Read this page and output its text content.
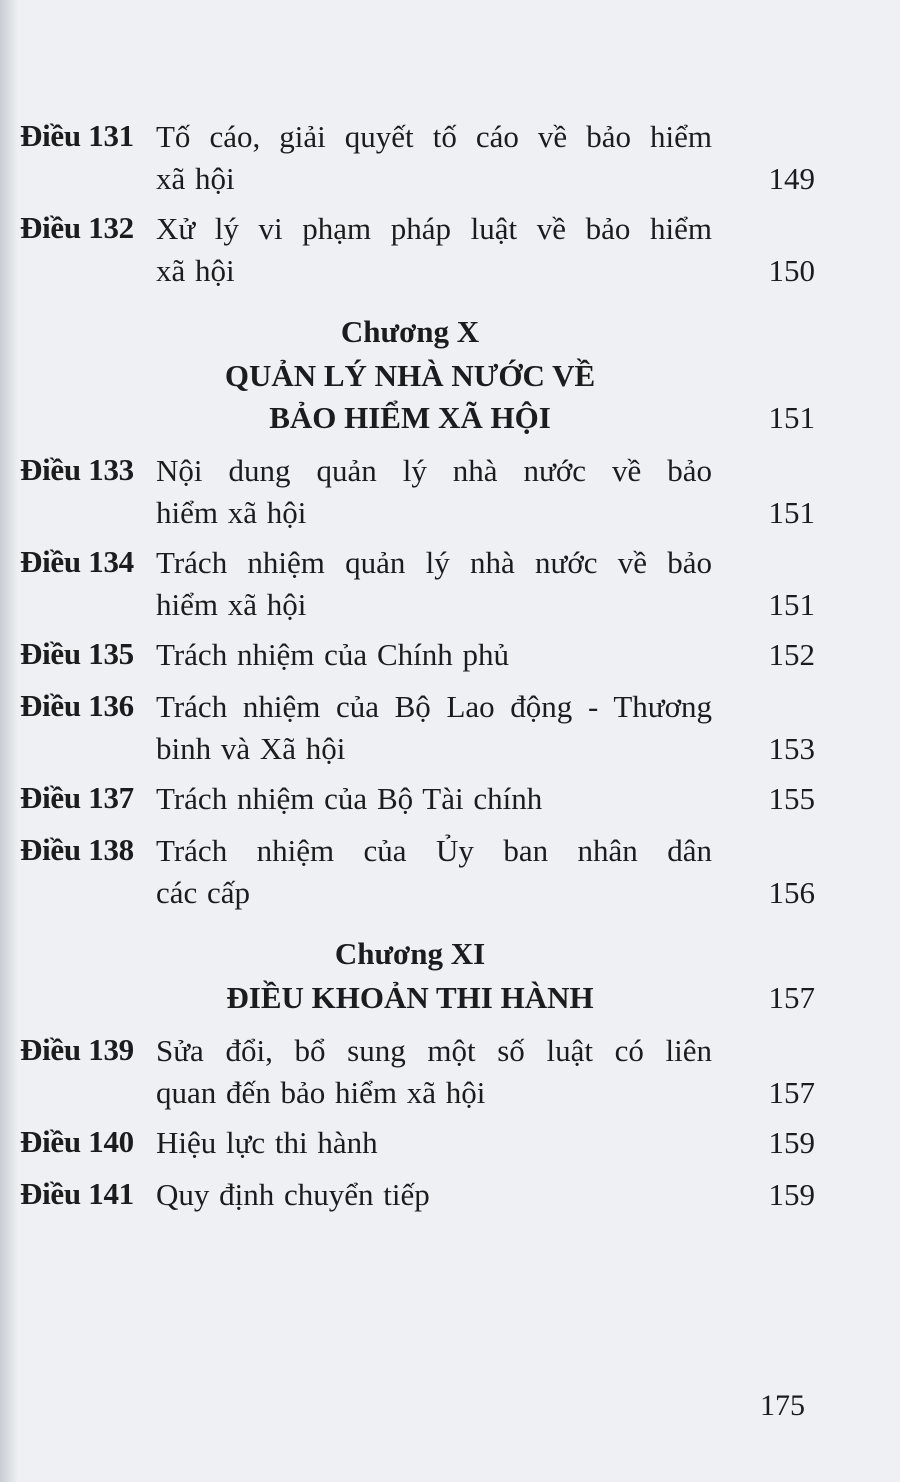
Điều 131 Tố cáo, giải quyết tố cáo về bảo hiểm
xã hội	149
Điều 132 Xử lý vi phạm pháp luật về bảo hiểm
xã hội	150
Chương X
QUẢN LÝ NHÀ NƯỚC VỀ
BẢO HIỂM XÃ HỘI	151
Điều 133 Nội dung quản lý nhà nước về bảo
hiểm xã hội	151
Điều 134 Trách nhiệm quản lý nhà nước về bảo
hiểm xã hội	151
Điều 135 Trách nhiệm của Chính phủ	152
Điều 136 Trách nhiệm của Bộ Lao động - Thương
binh và Xã hội	153
Điều 137 Trách nhiệm của Bộ Tài chính	155
Điều 138 Trách nhiệm của Ủy ban nhân dân
các cấp	156
Chương XI
ĐIỀU KHOẢN THI HÀNH	157
Điều 139 Sửa đổi, bổ sung một số luật có liên
quan đến bảo hiểm xã hội	157
Điều 140 Hiệu lực thi hành	159
Điều 141 Quy định chuyển tiếp	159
175
